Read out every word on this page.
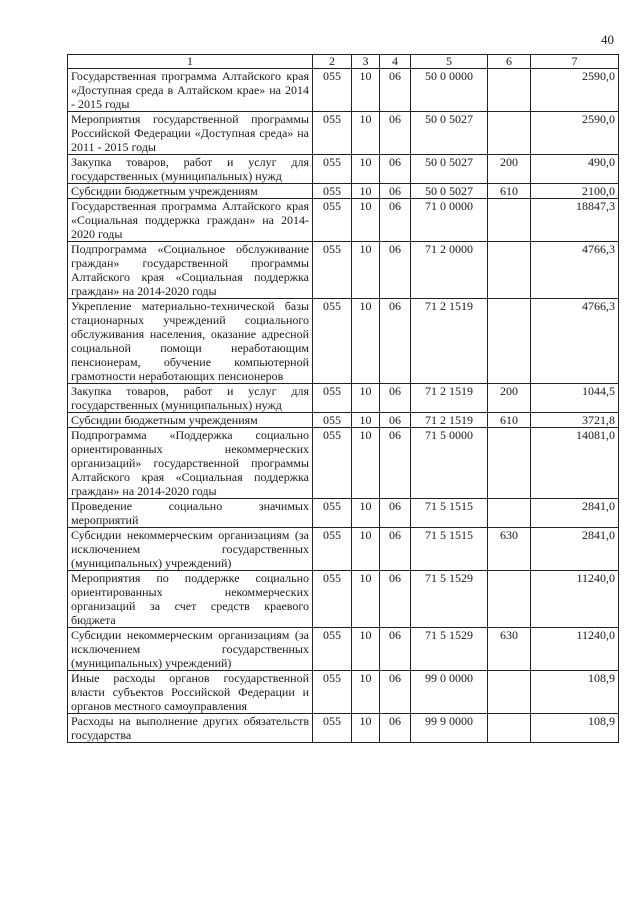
40
1	2	3	4	5	6	7
Государственная программа Алтайского края «Доступная среда в Алтайском крае» на 2014 - 2015 годы	055	10	06	50 0 0000		2590,0
Мероприятия государственной программы Российской Федерации «Доступная среда» на 2011 - 2015 годы	055	10	06	50 0 5027		2590,0
Закупка товаров, работ и услуг для государственных (муниципальных) нужд	055	10	06	50 0 5027	200	490,0
Субсидии бюджетным учреждениям	055	10	06	50 0 5027	610	2100,0
Государственная программа Алтайского края «Социальная поддержка граждан» на 2014-2020 годы	055	10	06	71 0 0000		18847,3
Подпрограмма «Социальное обслуживание граждан» государственной программы Алтайского края «Социальная поддержка граждан» на 2014-2020 годы	055	10	06	71 2 0000		4766,3
Укрепление материально-технической базы стационарных учреждений социального обслуживания населения, оказание адресной социальной помощи неработающим пенсионерам, обучение компьютерной грамотности неработающих пенсионеров	055	10	06	71 2 1519		4766,3
Закупка товаров, работ и услуг для государственных (муниципальных) нужд	055	10	06	71 2 1519	200	1044,5
Субсидии бюджетным учреждениям	055	10	06	71 2 1519	610	3721,8
Подпрограмма «Поддержка социально ориентированных некоммерческих организаций» государственной программы Алтайского края «Социальная поддержка граждан» на 2014-2020 годы	055	10	06	71 5 0000		14081,0
Проведение социально значимых мероприятий	055	10	06	71 5 1515		2841,0
Субсидии некоммерческим организациям (за исключением государственных (муниципальных) учреждений)	055	10	06	71 5 1515	630	2841,0
Мероприятия по поддержке социально ориентированных некоммерческих организаций за счет средств краевого бюджета	055	10	06	71 5 1529		11240,0
Субсидии некоммерческим организациям (за исключением государственных (муниципальных) учреждений)	055	10	06	71 5 1529	630	11240,0
Иные расходы органов государственной власти субъектов Российской Федерации и органов местного самоуправления	055	10	06	99 0 0000		108,9
Расходы на выполнение других обязательств государства	055	10	06	99 9 0000		108,9
